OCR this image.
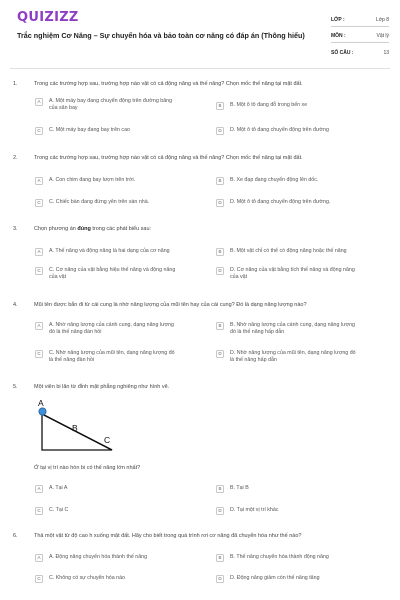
QUIZIZZ
Trắc nghiệm Cơ Năng – Sự chuyển hóa và bảo toàn cơ năng có đáp án (Thông hiểu)
LỚP :	Lớp 8
MÔN :	Vật lý
SỐ CÂU :	13
1.	Trong các trường hợp sau, trường hợp nào vật có cả động năng và thế năng? Chọn mốc thế năng tại mặt đất.
A	A. Một máy bay đang chuyển động trên đường băng của sân bay	B	B. Một ô tô đang đỗ trong bến xe
C	C. Một máy bay đang bay trên cao	D	D. Một ô tô đang chuyển động trên đường
2.	Trong các trường hợp sau, trường hợp nào vật có cả động năng và thế năng? Chọn mốc thế năng tại mặt đất.
A	A. Con chim đang bay lượn trên trời.	B	B. Xe đạp đang chuyển động lên dốc.
C	C. Chiếc bàn đang đứng yên trên sàn nhà.	D	D. Một ô tô đang chuyển động trên đường.
3.	Chọn phương án đúng trong các phát biểu sau:
A	A. Thế năng và động năng là hai dạng của cơ năng	B	B. Một vật chỉ có thể có động năng hoặc thế năng
C	C. Cơ năng của vật bằng hiệu thế năng và động năng của vật
D	D. Cơ năng của vật bằng tích thế năng và động năng của vật
4.	Mũi tên được bắn đi từ cái cung là nhờ năng lượng của mũi tên hay của cái cung? Đó là dạng năng lượng nào?
A	A. Nhờ năng lượng của cánh cung, dạng năng lượng đó là thế năng đàn hồi
B	B. Nhờ năng lượng của cánh cung, dạng năng lượng đó là thế năng hấp dẫn
C	C. Nhờ năng lượng của mũi tên, dạng năng lượng đó là thế năng đàn hồi
D	D. Nhờ năng lượng của mũi tên, dạng năng lượng đó là thế năng hấp dẫn
5.	Một viên bi lăn từ đỉnh mặt phẳng nghiêng như hình vẽ.
A
B
C
Ở tại vị trí nào hòn bi có thế năng lớn nhất?
A	A. Tại A	B	B. Tại B
C	C. Tại C	D	D. Tại một vị trí khác
6.	Thả một vật từ độ cao h xuống mặt đất. Hãy cho biết trong quá trình rơi cơ năng đã chuyển hóa như thế nào?
A	A. Động năng chuyển hóa thành thế năng	B	B. Thế năng chuyển hóa thành động năng
C	C. Không có sự chuyển hóa nào	D	D. Động năng giảm còn thế năng tăng
